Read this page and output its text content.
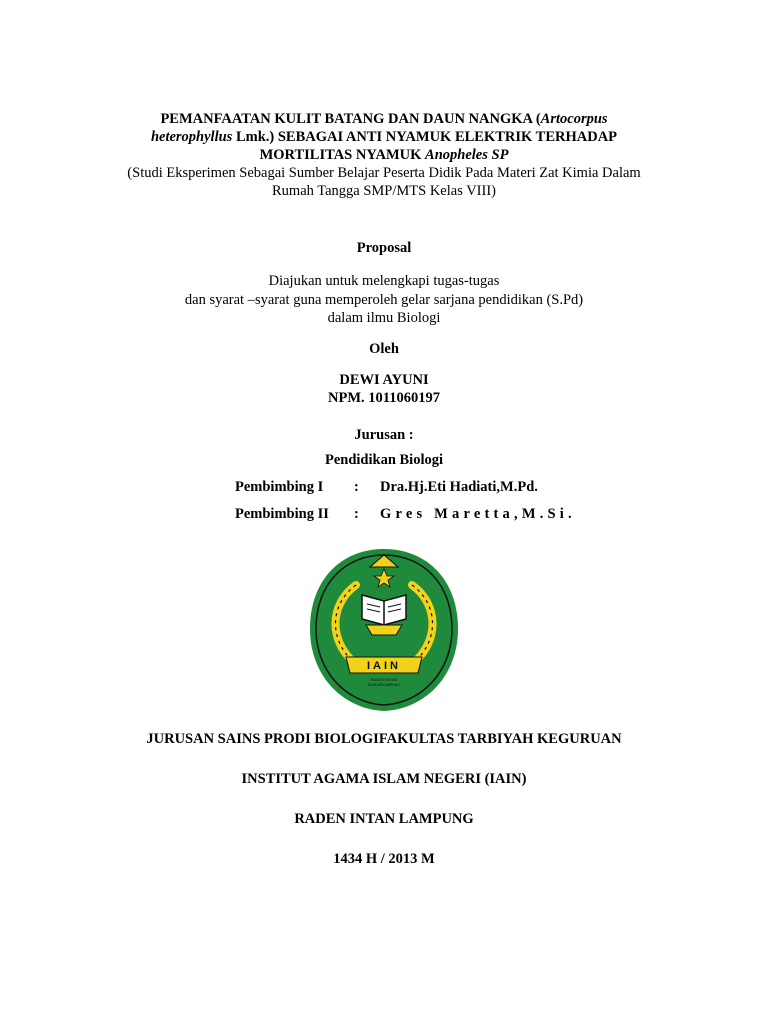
PEMANFAATAN KULIT BATANG DAN DAUN NANGKA (Artocorpus
heterophyllus Lmk.) SEBAGAI ANTI NYAMUK ELEKTRIK TERHADAP
MORTILITAS NYAMUK Anopheles SP
(Studi Eksperimen Sebagai Sumber Belajar Peserta Didik Pada Materi Zat Kimia Dalam
Rumah Tangga SMP/MTS Kelas VIII)
Proposal
Diajukan untuk melengkapi tugas-tugas
dan syarat –syarat guna memperoleh gelar sarjana pendidikan (S.Pd)
dalam ilmu Biologi
Oleh
DEWI AYUNI
NPM. 1011060197
Jurusan :
Pendidikan Biologi
Pembimbing I : Dra.Hj.Eti Hadiati,M.Pd.
Pembimbing II : Gres Maretta,M.Si.
IAIN
RADEN INTAN
BANDARLAMPUNG
JURUSAN SAINS PRODI BIOLOGIFAKULTAS TARBIYAH KEGURUAN
INSTITUT AGAMA ISLAM NEGERI (IAIN)
RADEN INTAN LAMPUNG
1434 H / 2013 M
